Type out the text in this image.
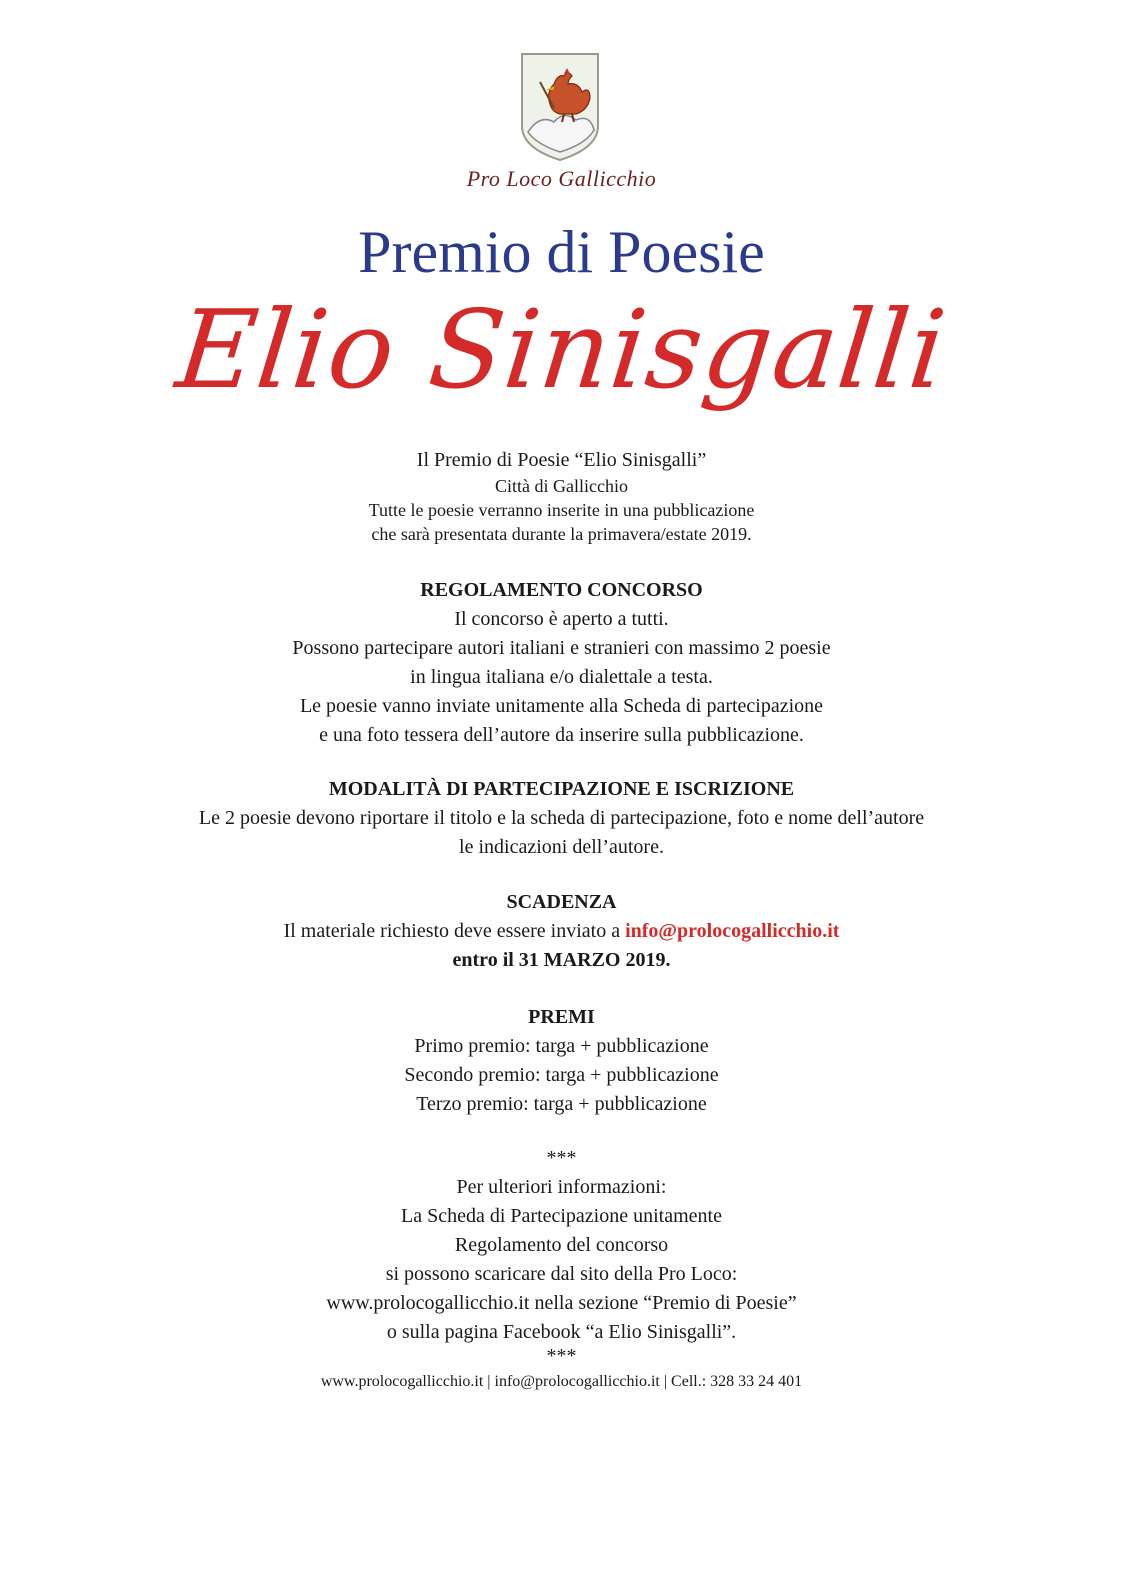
Pro Loco Gallicchio
Premio di Poesie
Elio Sinisgalli
Il Premio di Poesie “Elio Sinisgalli”
Città di Gallicchio
Tutte le poesie verranno inserite in una pubblicazione
che sarà presentata durante la primavera/estate 2019.
REGOLAMENTO CONCORSO
Il concorso è aperto a tutti.
Possono partecipare autori italiani e stranieri con massimo 2 poesie
in lingua italiana e/o dialettale a testa.
Le poesie vanno inviate unitamente alla Scheda di partecipazione
e una foto tessera dell’autore da inserire sulla pubblicazione.
MODALITÀ DI PARTECIPAZIONE E ISCRIZIONE
Le 2 poesie devono riportare il titolo e la scheda di partecipazione, foto e nome dell’autore
le indicazioni dell’autore.
SCADENZA
Il materiale richiesto deve essere inviato a info@prolocogallicchio.it
entro il 31 MARZO 2019.
PREMI
Primo premio: targa + pubblicazione
Secondo premio: targa + pubblicazione
Terzo premio: targa + pubblicazione
***
Per ulteriori informazioni:
La Scheda di Partecipazione unitamente
Regolamento del concorso
si possono scaricare dal sito della Pro Loco:
www.prolocogallicchio.it nella sezione “Premio di Poesie”
o sulla pagina Facebook “a Elio Sinisgalli”.
***
www.prolocogallicchio.it | info@prolocogallicchio.it | Cell.: 328 33 24 401
